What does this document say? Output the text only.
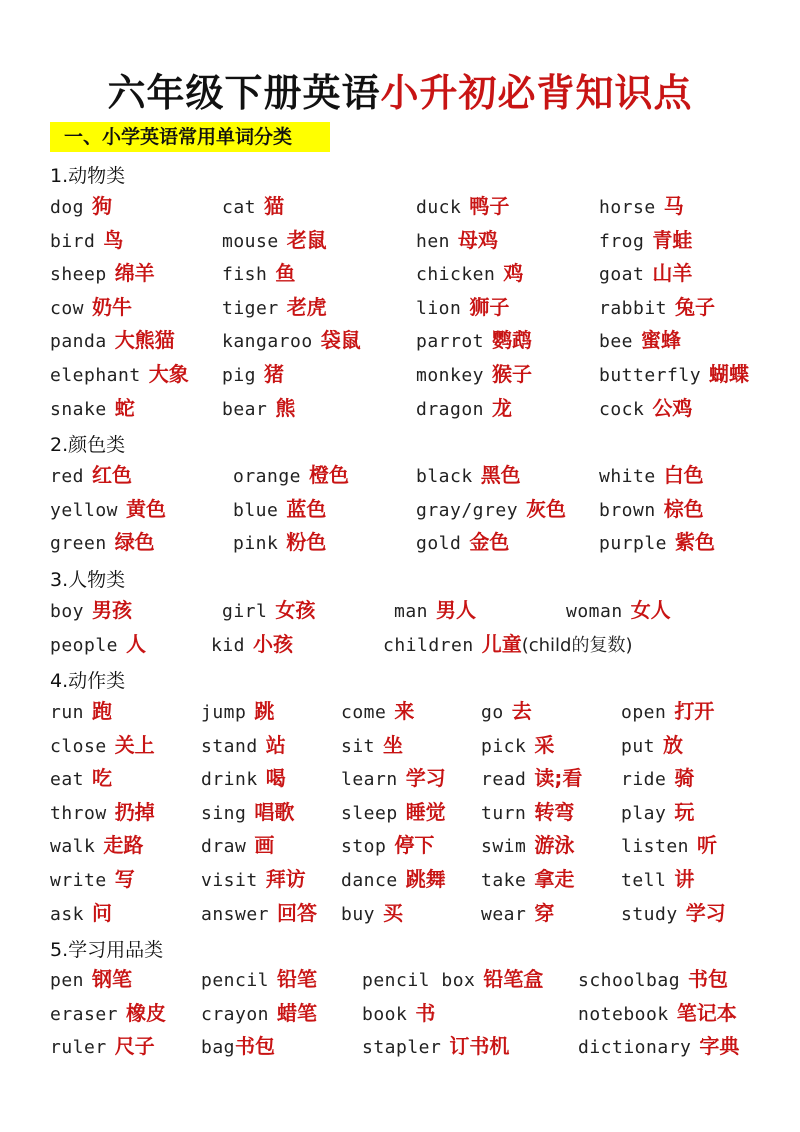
六年级下册英语小升初必背知识点
一、小学英语常用单词分类
1.动物类
2.颜色类
3.人物类
4.动作类
5.学习用品类
dog 狗	cat 猫	duck 鸭子	horse 马
bird 鸟	mouse 老鼠	hen 母鸡	frog 青蛙
sheep 绵羊	fish 鱼	chicken 鸡	goat 山羊
cow 奶牛	tiger 老虎	lion 狮子	rabbit 兔子
panda 大熊猫	kangaroo 袋鼠	parrot 鹦鹉	bee 蜜蜂
elephant 大象 pig 猪	monkey 猴子	butterfly 蝴蝶
snake 蛇	bear 熊	dragon 龙	cock 公鸡
red 红色	orange 橙色	black 黑色	white 白色
yellow 黄色	blue 蓝色	gray/grey 灰色 brown 棕色
green 绿色	pink 粉色	gold 金色	purple 紫色
boy 男孩	girl 女孩	man 男人	woman 女人
people 人	kid 小孩	children 儿童(child的复数)
run 跑	jump 跳	come 来	go 去	open 打开
close 关上	stand 站	sit 坐	pick 采	put 放
eat 吃	drink 喝	learn 学习 read 读;看 ride 骑
throw 扔掉	sing 唱歌	sleep 睡觉 turn 转弯	play 玩
walk 走路	draw 画	stop 停下	swim 游泳	listen 听
write 写	visit 拜访 dance 跳舞 take 拿走	tell 讲
ask 问	answer 回答 buy 买	wear 穿	study 学习
pen 钢笔	pencil 铅笔 pencil box 铅笔盒 schoolbag 书包
eraser 橡皮 crayon 蜡笔 book 书	notebook 笔记本
ruler 尺子	bag书包	stapler 订书机	dictionary 字典
